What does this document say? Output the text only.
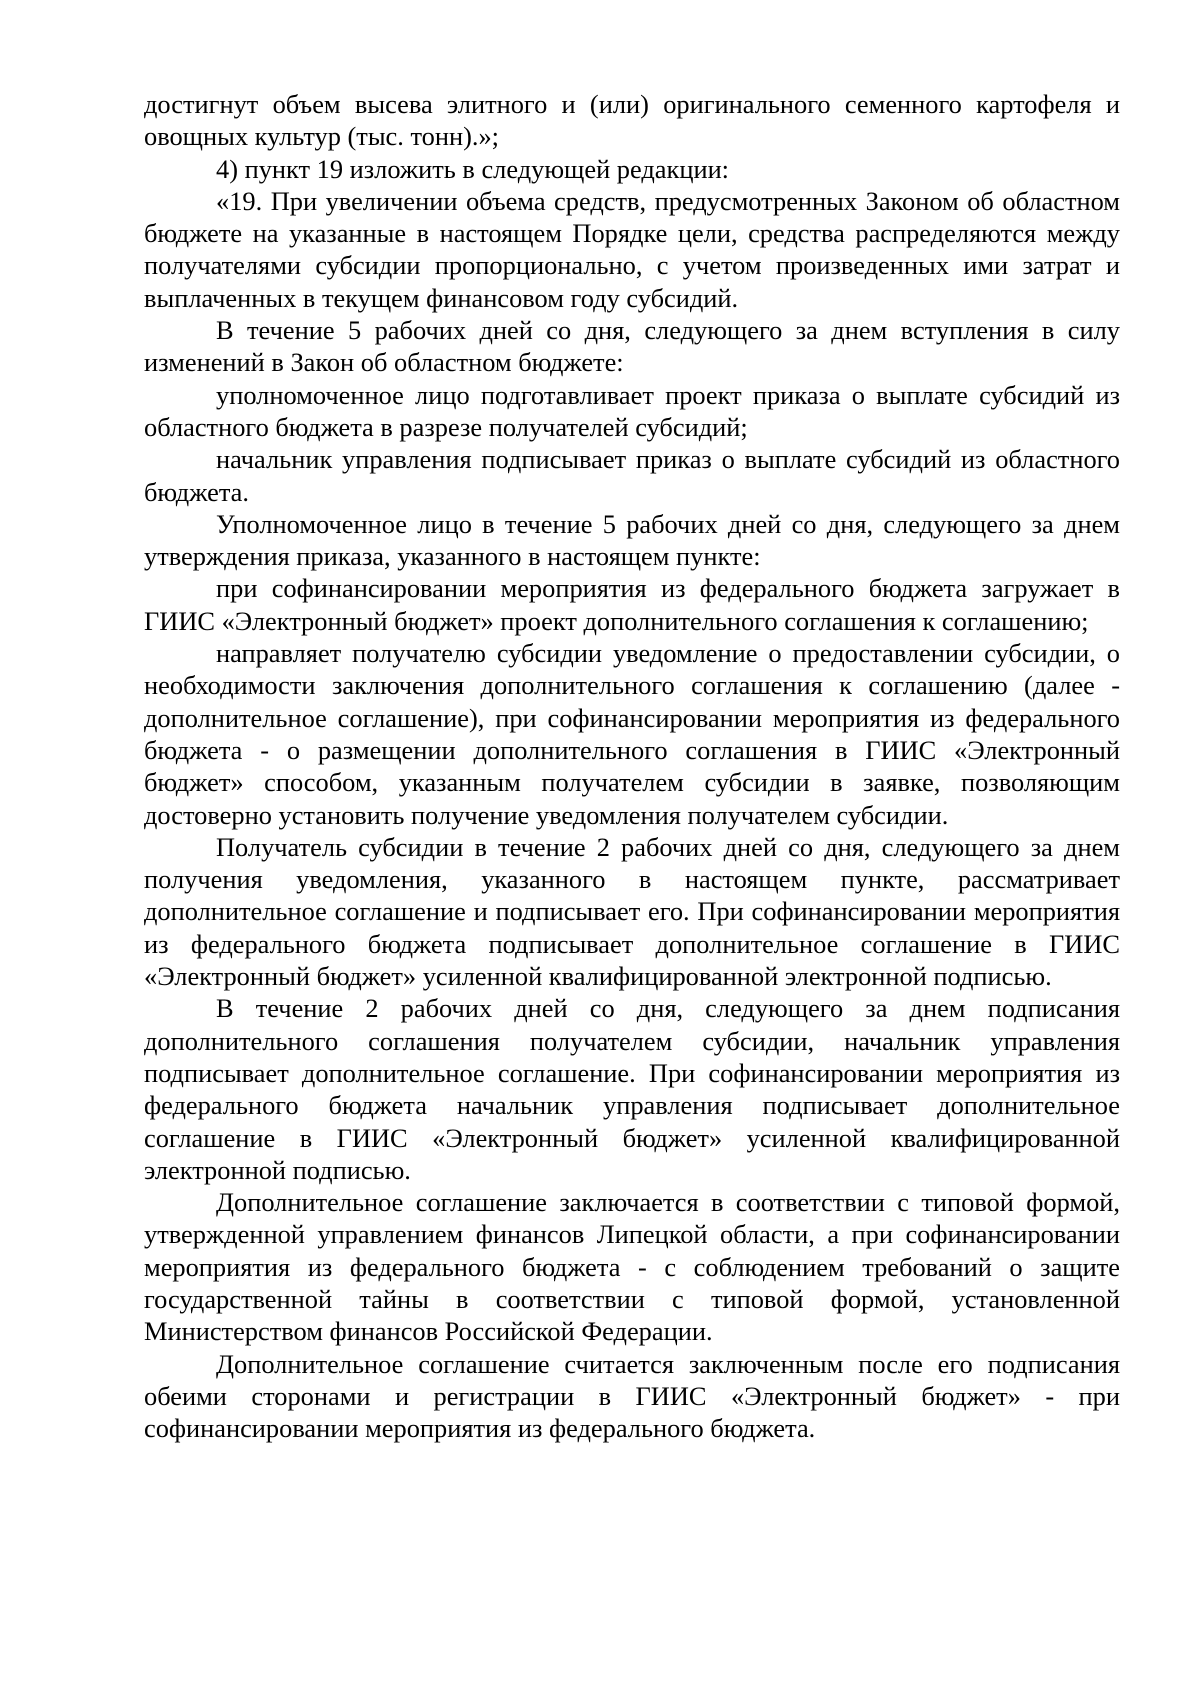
достигнут объем высева элитного и (или) оригинального семенного картофеля и овощных культур (тыс. тонн).»;

4) пункт 19 изложить в следующей редакции:

«19. При увеличении объема средств, предусмотренных Законом об областном бюджете на указанные в настоящем Порядке цели, средства распределяются между получателями субсидии пропорционально, с учетом произведенных ими затрат и выплаченных в текущем финансовом году субсидий.

В течение 5 рабочих дней со дня, следующего за днем вступления в силу изменений в Закон об областном бюджете:

уполномоченное лицо подготавливает проект приказа о выплате субсидий из областного бюджета в разрезе получателей субсидий;

начальник управления подписывает приказ о выплате субсидий из областного бюджета.

Уполномоченное лицо в течение 5 рабочих дней со дня, следующего за днем утверждения приказа, указанного в настоящем пункте:

при софинансировании мероприятия из федерального бюджета загружает в ГИИС «Электронный бюджет» проект дополнительного соглашения к соглашению;

направляет получателю субсидии уведомление о предоставлении субсидии, о необходимости заключения дополнительного соглашения к соглашению (далее - дополнительное соглашение), при софинансировании мероприятия из федерального бюджета - о размещении дополнительного соглашения в ГИИС «Электронный бюджет» способом, указанным получателем субсидии в заявке, позволяющим достоверно установить получение уведомления получателем субсидии.

Получатель субсидии в течение 2 рабочих дней со дня, следующего за днем получения уведомления, указанного в настоящем пункте, рассматривает дополнительное соглашение и подписывает его. При софинансировании мероприятия из федерального бюджета подписывает дополнительное соглашение в ГИИС «Электронный бюджет» усиленной квалифицированной электронной подписью.

В течение 2 рабочих дней со дня, следующего за днем подписания дополнительного соглашения получателем субсидии, начальник управления подписывает дополнительное соглашение. При софинансировании мероприятия из федерального бюджета начальник управления подписывает дополнительное соглашение в ГИИС «Электронный бюджет» усиленной квалифицированной электронной подписью.

Дополнительное соглашение заключается в соответствии с типовой формой, утвержденной управлением финансов Липецкой области, а при софинансировании мероприятия из федерального бюджета - с соблюдением требований о защите государственной тайны в соответствии с типовой формой, установленной Министерством финансов Российской Федерации.

Дополнительное соглашение считается заключенным после его подписания обеими сторонами и регистрации в ГИИС «Электронный бюджет» - при софинансировании мероприятия из федерального бюджета.
